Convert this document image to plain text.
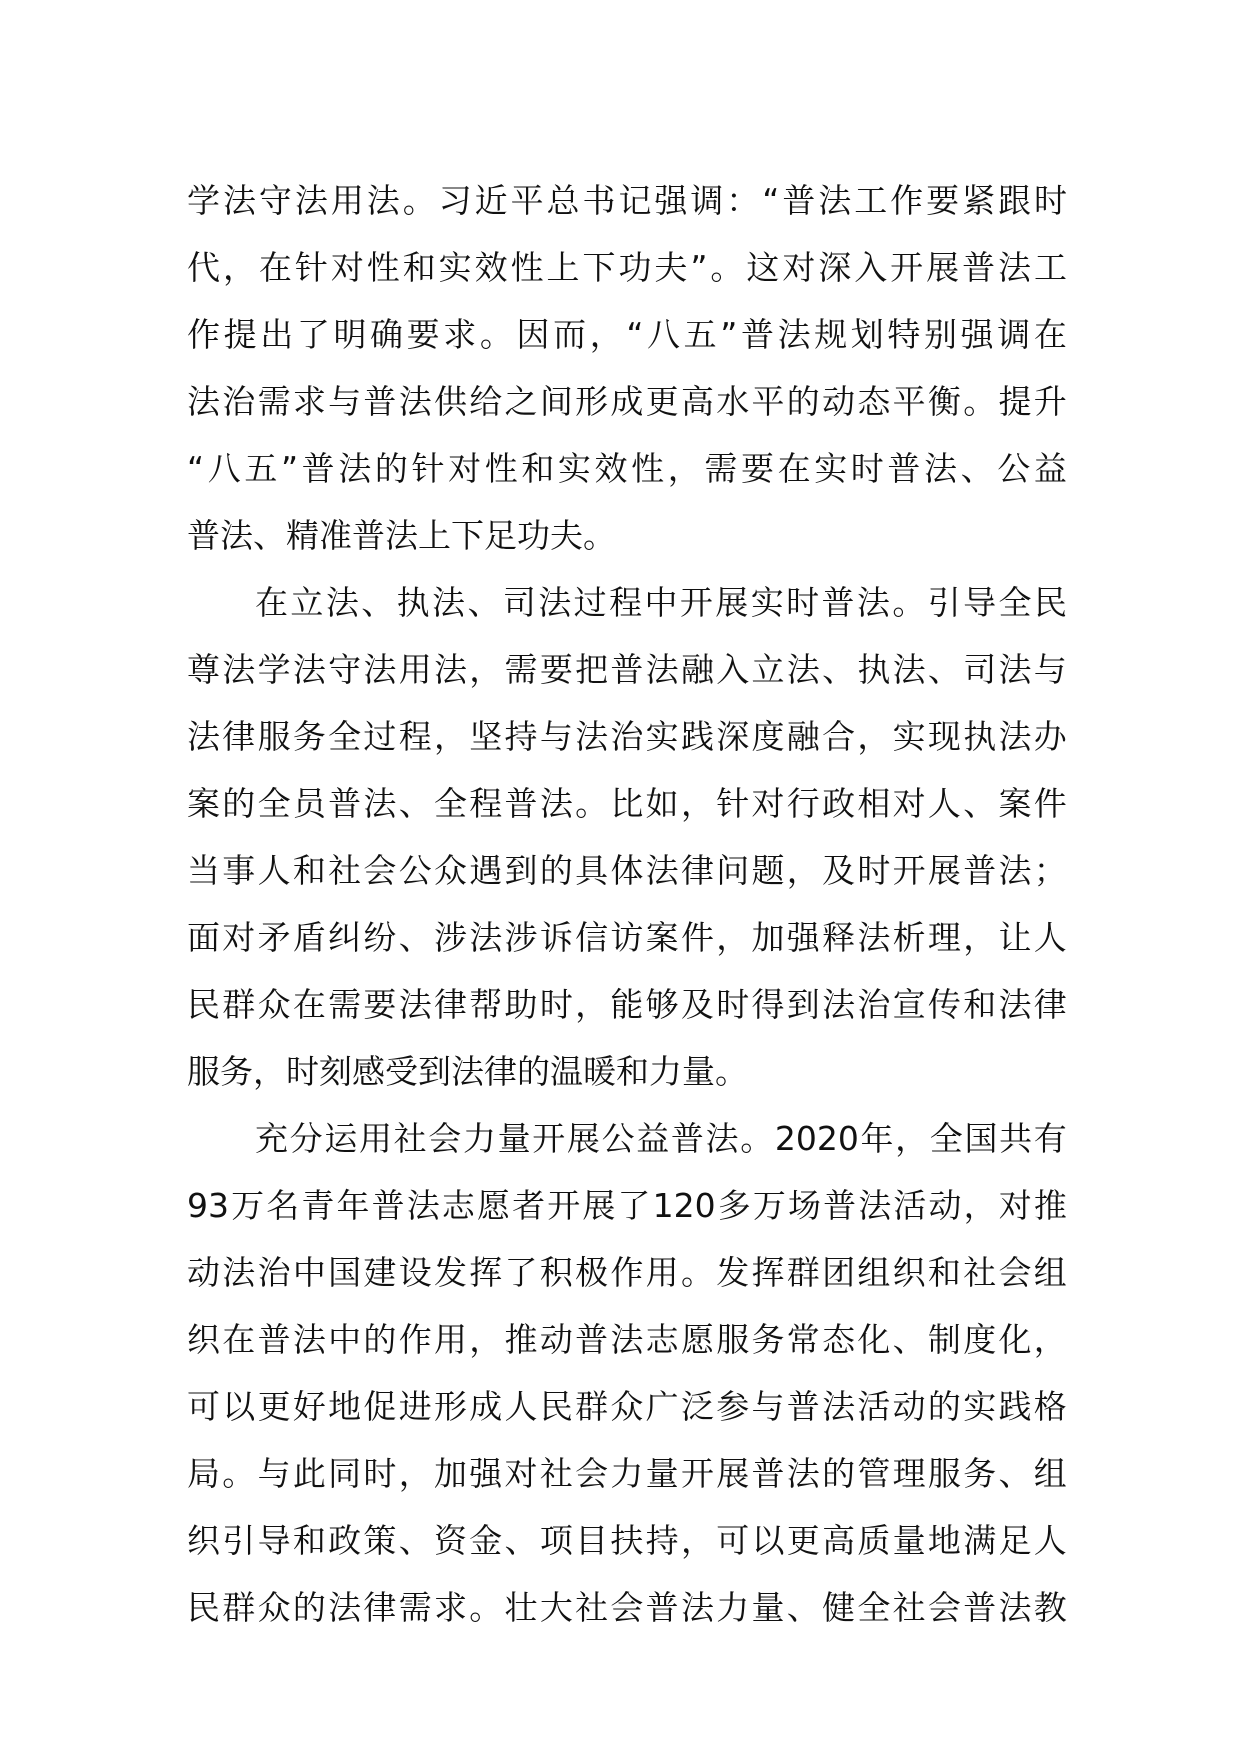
学 法 守 法 用 法 。 习 近 平 总 书 记 强 调 ： “ 普 法 工 作 要 紧 跟 时
代 ， 在 针 对 性 和 实 效 性 上 下 功 夫 ” 。 这 对 深 入 开 展 普 法 工
作 提 出 了 明 确 要 求 。 因 而 ， “ 八 五 ” 普 法 规 划 特 别 强 调 在
法 治 需 求 与 普 法 供 给 之 间 形 成 更 高 水 平 的 动 态 平 衡 。 提 升
“ 八 五 ” 普 法 的 针 对 性 和 实 效 性 ， 需 要 在 实 时 普 法 、 公 益
普法、精准普法上下足功夫。
在 立 法 、 执 法 、 司 法 过 程 中 开 展 实 时 普 法 。 引 导 全 民
尊 法 学 法 守 法 用 法 ， 需 要 把 普 法 融 入 立 法 、 执 法 、 司 法 与
法 律 服 务 全 过 程 ， 坚 持 与 法 治 实 践 深 度 融 合 ， 实 现 执 法 办
案 的 全 员 普 法 、 全 程 普 法 。 比 如 ， 针 对 行 政 相 对 人 、 案 件
当 事 人 和 社 会 公 众 遇 到 的 具 体 法 律 问 题 ， 及 时 开 展 普 法 ；
面 对 矛 盾 纠 纷 、 涉 法 涉 诉 信 访 案 件 ， 加 强 释 法 析 理 ， 让 人
民 群 众 在 需 要 法 律 帮 助 时 ， 能 够 及 时 得 到 法 治 宣 传 和 法 律
服务，时刻感受到法律的温暖和力量。
充 分 运 用 社 会 力 量 开 展 公 益 普 法 。 2020 年 ， 全 国 共 有
93 万 名 青 年 普 法 志 愿 者 开 展 了 120 多 万 场 普 法 活 动 ， 对 推
动 法 治 中 国 建 设 发 挥 了 积 极 作 用 。 发 挥 群 团 组 织 和 社 会 组
织 在 普 法 中 的 作 用 ， 推 动 普 法 志 愿 服 务 常 态 化 、 制 度 化 ，
可 以 更 好 地 促 进 形 成 人 民 群 众 广 泛 参 与 普 法 活 动 的 实 践 格
局 。 与 此 同 时 ， 加 强 对 社 会 力 量 开 展 普 法 的 管 理 服 务 、 组
织 引 导 和 政 策 、 资 金 、 项 目 扶 持 ， 可 以 更 高 质 量 地 满 足 人
民 群 众 的 法 律 需 求 。 壮 大 社 会 普 法 力 量 、 健 全 社 会 普 法 教
